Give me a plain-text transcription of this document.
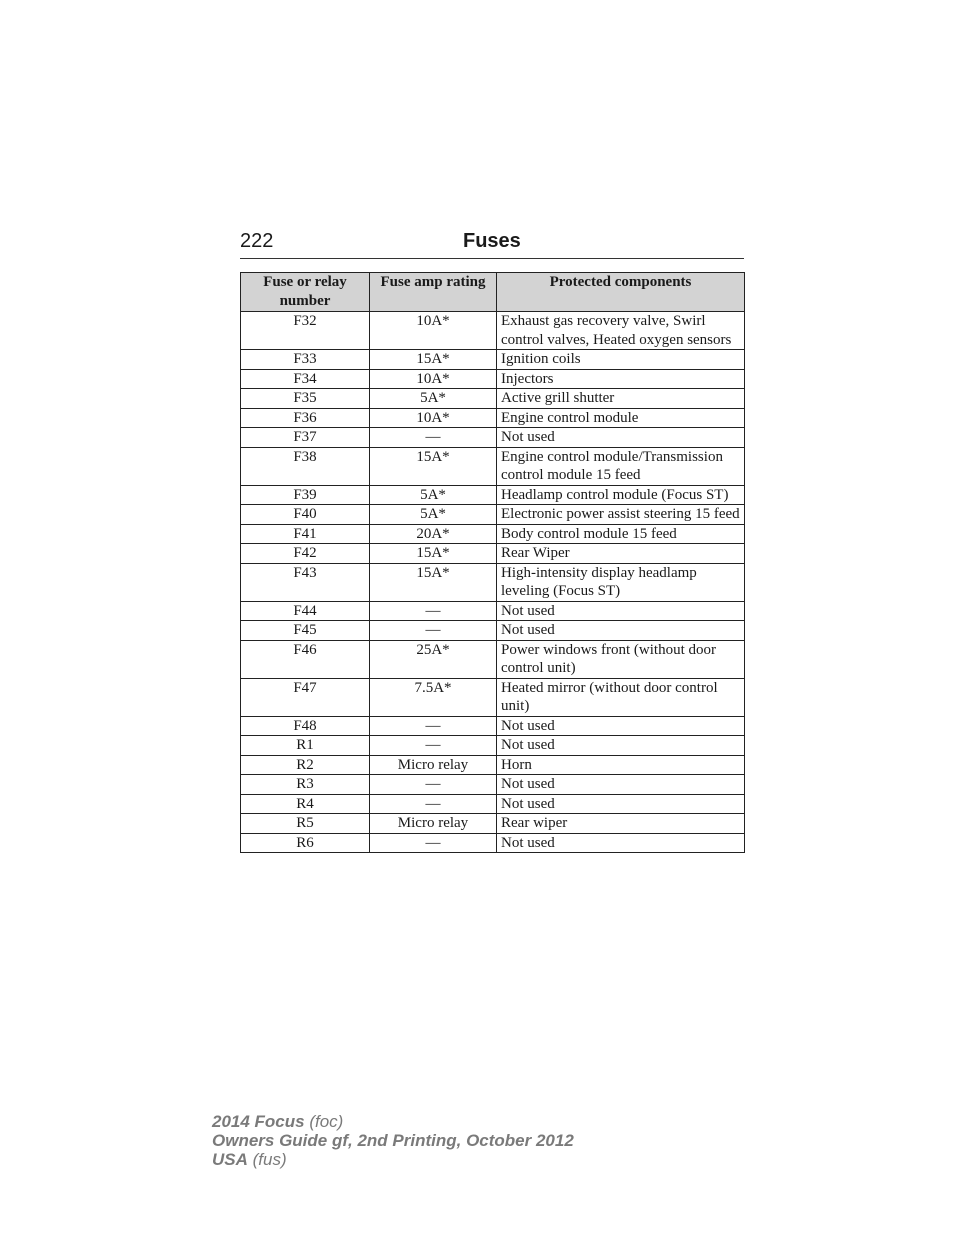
222	Fuses
Fuse or relay number	Fuse amp rating	Protected components
F32	10A*	Exhaust gas recovery valve, Swirl control valves, Heated oxygen sensors
F33	15A*	Ignition coils
F34	10A*	Injectors
F35	5A*	Active grill shutter
F36	10A*	Engine control module
F37	—	Not used
F38	15A*	Engine control module/Transmission control module 15 feed
F39	5A*	Headlamp control module (Focus ST)
F40	5A*	Electronic power assist steering 15 feed
F41	20A*	Body control module 15 feed
F42	15A*	Rear Wiper
F43	15A*	High-intensity display headlamp leveling (Focus ST)
F44	—	Not used
F45	—	Not used
F46	25A*	Power windows front (without door control unit)
F47	7.5A*	Heated mirror (without door control unit)
F48	—	Not used
R1	—	Not used
R2	Micro relay	Horn
R3	—	Not used
R4	—	Not used
R5	Micro relay	Rear wiper
R6	—	Not used
2014 Focus (foc)
Owners Guide gf, 2nd Printing, October 2012
USA (fus)
